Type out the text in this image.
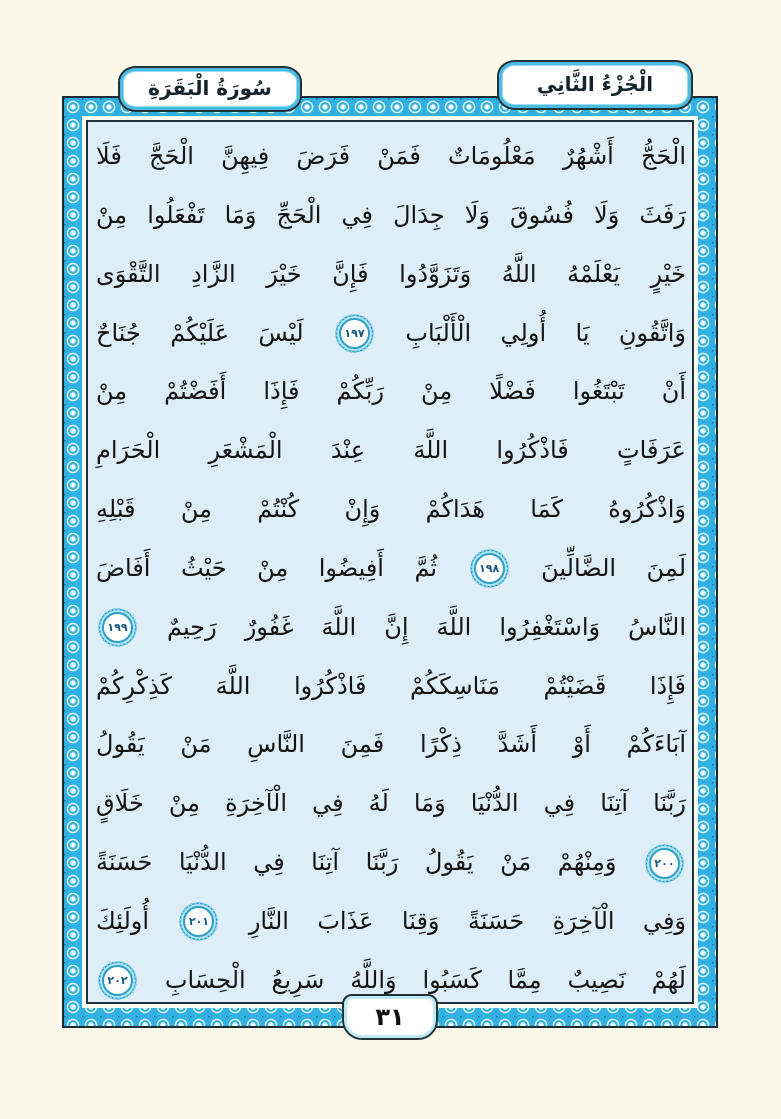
سُورَةُ الْبَقَرَةِ	الْجُزْءُ الثَّانِي
الْحَجُّ أَشْهُرٌ مَعْلُومَاتٌ فَمَنْ فَرَضَ فِيهِنَّ الْحَجَّ فَلَا
رَفَثَ وَلَا فُسُوقَ وَلَا جِدَالَ فِي الْحَجِّ وَمَا تَفْعَلُوا مِنْ
خَيْرٍ يَعْلَمْهُ اللَّهُ وَتَزَوَّدُوا فَإِنَّ خَيْرَ الزَّادِ التَّقْوَى
وَاتَّقُونِ يَا أُولِي الْأَلْبَابِ ١٩٧ لَيْسَ عَلَيْكُمْ جُنَاحٌ
أَنْ تَبْتَغُوا فَضْلًا مِنْ رَبِّكُمْ فَإِذَا أَفَضْتُمْ مِنْ
عَرَفَاتٍ فَاذْكُرُوا اللَّهَ عِنْدَ الْمَشْعَرِ الْحَرَامِ
وَاذْكُرُوهُ كَمَا هَدَاكُمْ وَإِنْ كُنْتُمْ مِنْ قَبْلِهِ
لَمِنَ الضَّالِّينَ ١٩٨ ثُمَّ أَفِيضُوا مِنْ حَيْثُ أَفَاضَ
النَّاسُ وَاسْتَغْفِرُوا اللَّهَ إِنَّ اللَّهَ غَفُورٌ رَحِيمٌ ١٩٩
فَإِذَا قَضَيْتُمْ مَنَاسِكَكُمْ فَاذْكُرُوا اللَّهَ كَذِكْرِكُمْ
آبَاءَكُمْ أَوْ أَشَدَّ ذِكْرًا فَمِنَ النَّاسِ مَنْ يَقُولُ
رَبَّنَا آتِنَا فِي الدُّنْيَا وَمَا لَهُ فِي الْآخِرَةِ مِنْ خَلَاقٍ
٢٠٠ وَمِنْهُمْ مَنْ يَقُولُ رَبَّنَا آتِنَا فِي الدُّنْيَا حَسَنَةً
وَفِي الْآخِرَةِ حَسَنَةً وَقِنَا عَذَابَ النَّارِ ٢٠١ أُولَئِكَ
لَهُمْ نَصِيبٌ مِمَّا كَسَبُوا وَاللَّهُ سَرِيعُ الْحِسَابِ ٢٠٢
٣١
